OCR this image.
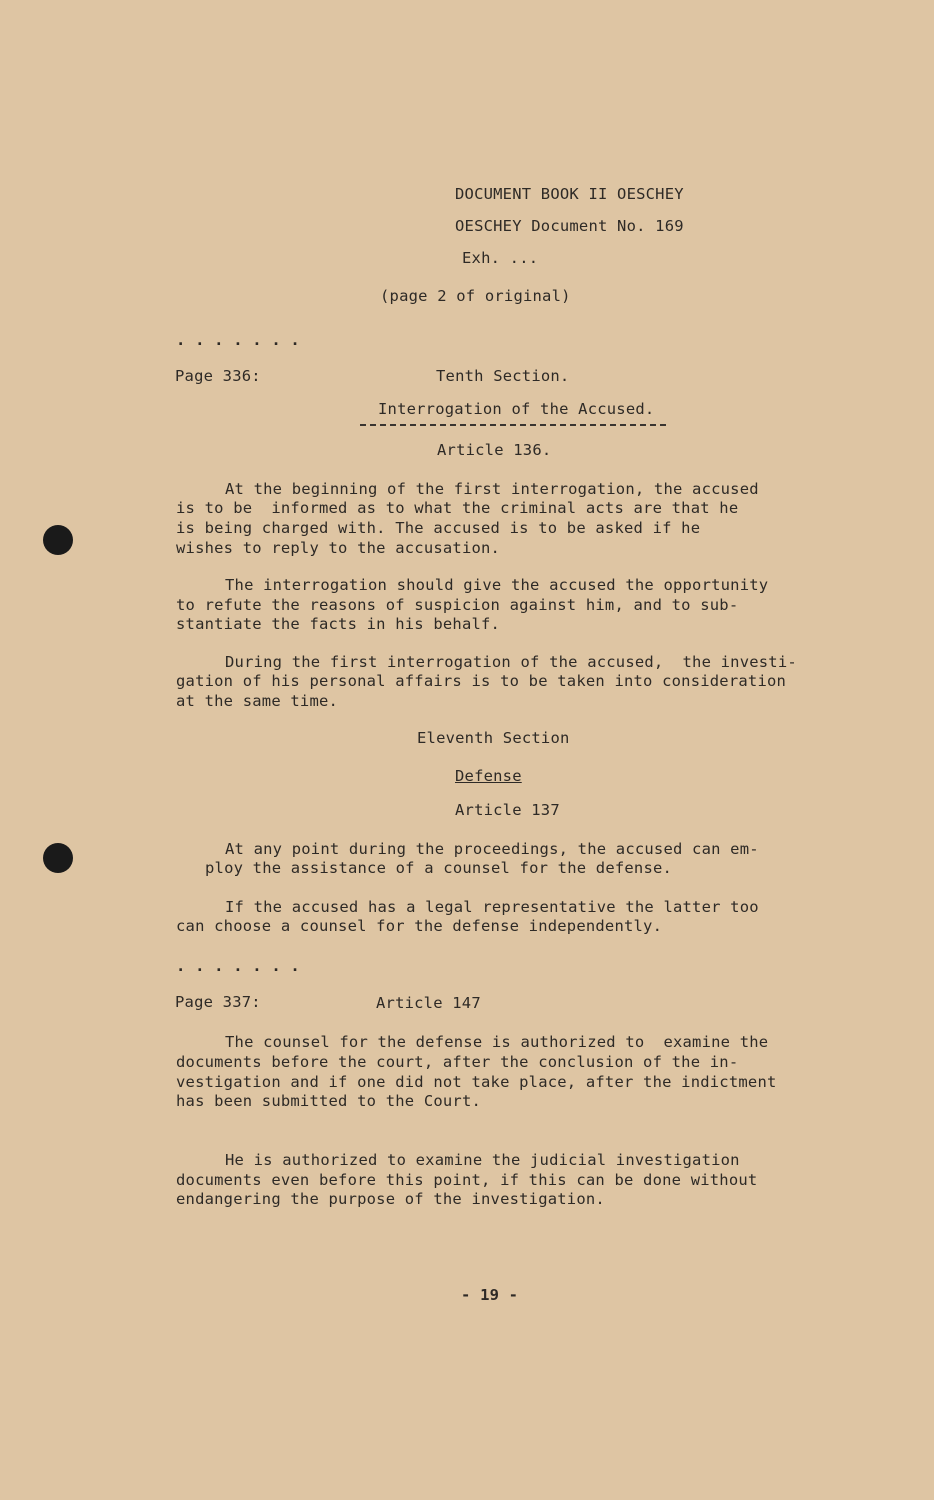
DOCUMENT BOOK II OESCHEY
OESCHEY Document No. 169
Exh. ...
(page 2 of original)
. . . . . . .
Page 336:	Tenth Section.
Interrogation of the Accused.
Article 136.
At the beginning of the first interrogation, the accused
is to be  informed as to what the criminal acts are that he
is being charged with. The accused is to be asked if he
wishes to reply to the accusation.
The interrogation should give the accused the opportunity
to refute the reasons of suspicion against him, and to sub-
stantiate the facts in his behalf.
During the first interrogation of the accused,  the investi-
gation of his personal affairs is to be taken into consideration
at the same time.
Eleventh Section
Defense
Article 137
At any point during the proceedings, the accused can em-
ploy the assistance of a counsel for the defense.
If the accused has a legal representative the latter too
can choose a counsel for the defense independently.
. . . . . . .
Page 337:	Article 147
The counsel for the defense is authorized to  examine the
documents before the court, after the conclusion of the in-
vestigation and if one did not take place, after the indictment
has been submitted to the Court.
He is authorized to examine the judicial investigation
documents even before this point, if this can be done without
endangering the purpose of the investigation.
- 19 -
